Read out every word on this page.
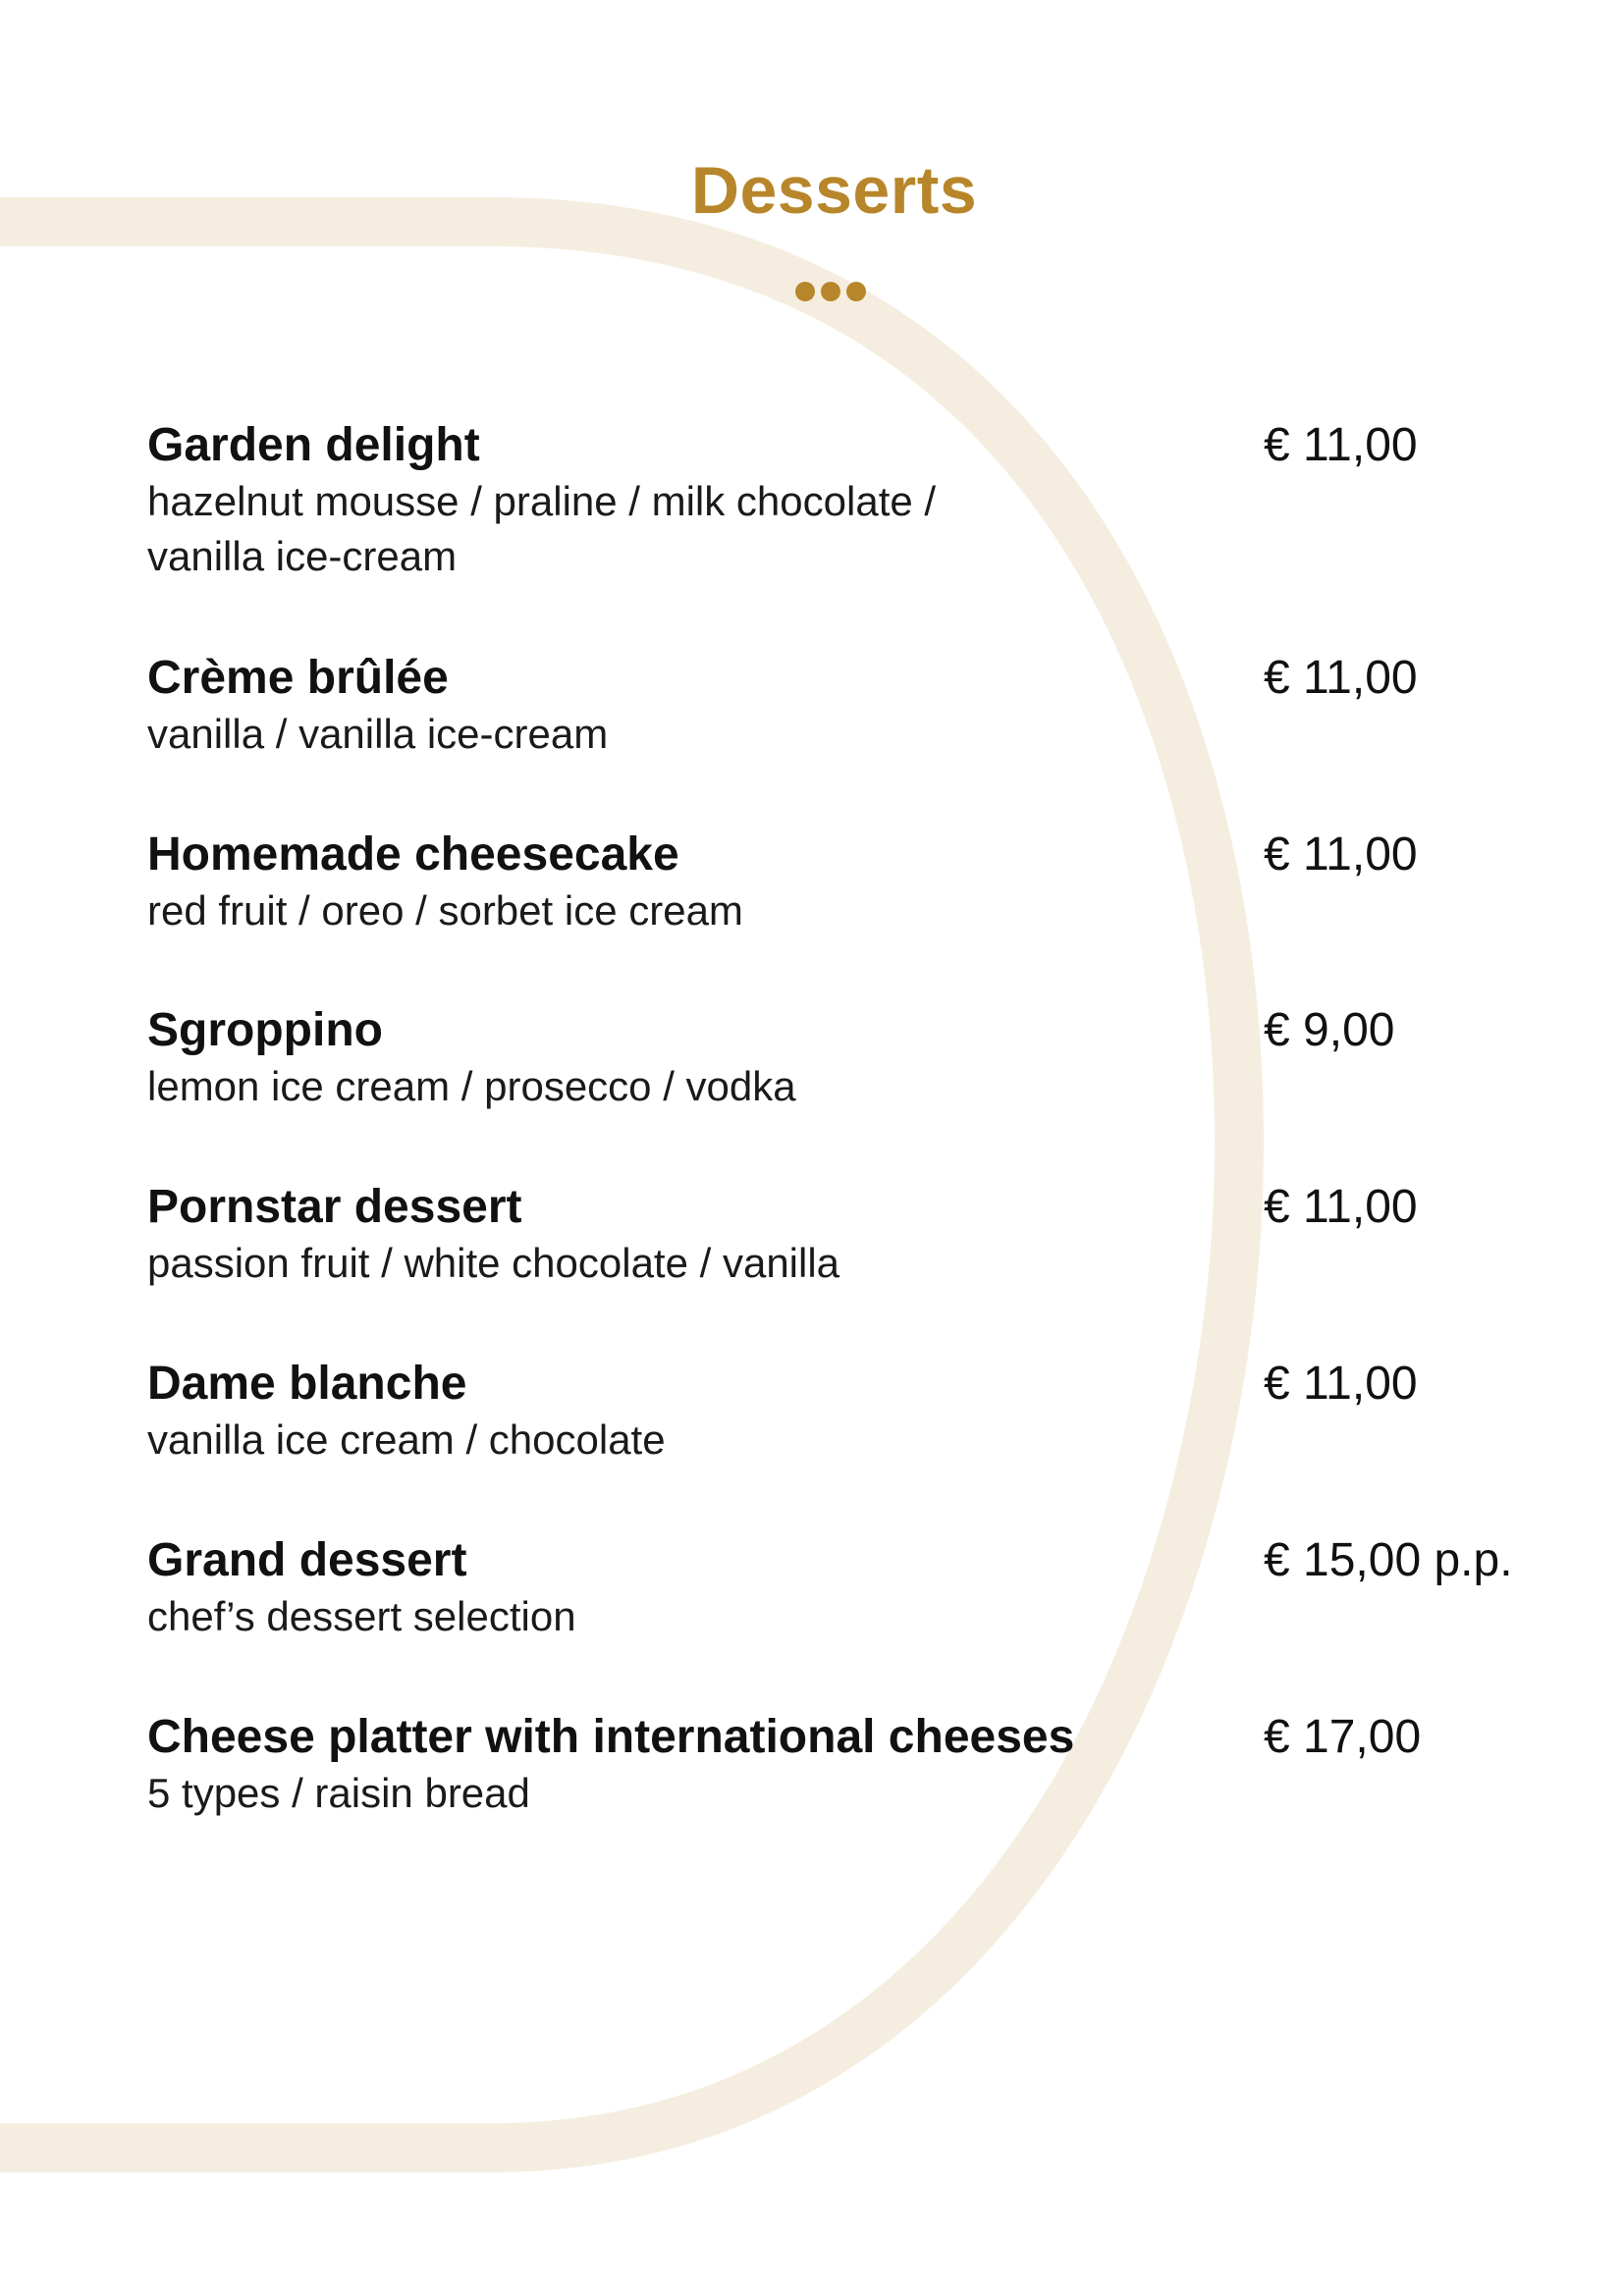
Desserts
Garden delight
hazelnut mousse / praline / milk chocolate / vanilla ice-cream
€ 11,00
Crème brûlée
vanilla / vanilla ice-cream
€ 11,00
Homemade cheesecake
red fruit / oreo / sorbet ice cream
€ 11,00
Sgroppino
lemon ice cream / prosecco / vodka
€ 9,00
Pornstar dessert
passion fruit / white chocolate / vanilla
€ 11,00
Dame blanche
vanilla ice cream / chocolate
€ 11,00
Grand dessert
chef’s dessert selection
€ 15,00 p.p.
Cheese platter with international cheeses
5 types / raisin bread
€ 17,00
